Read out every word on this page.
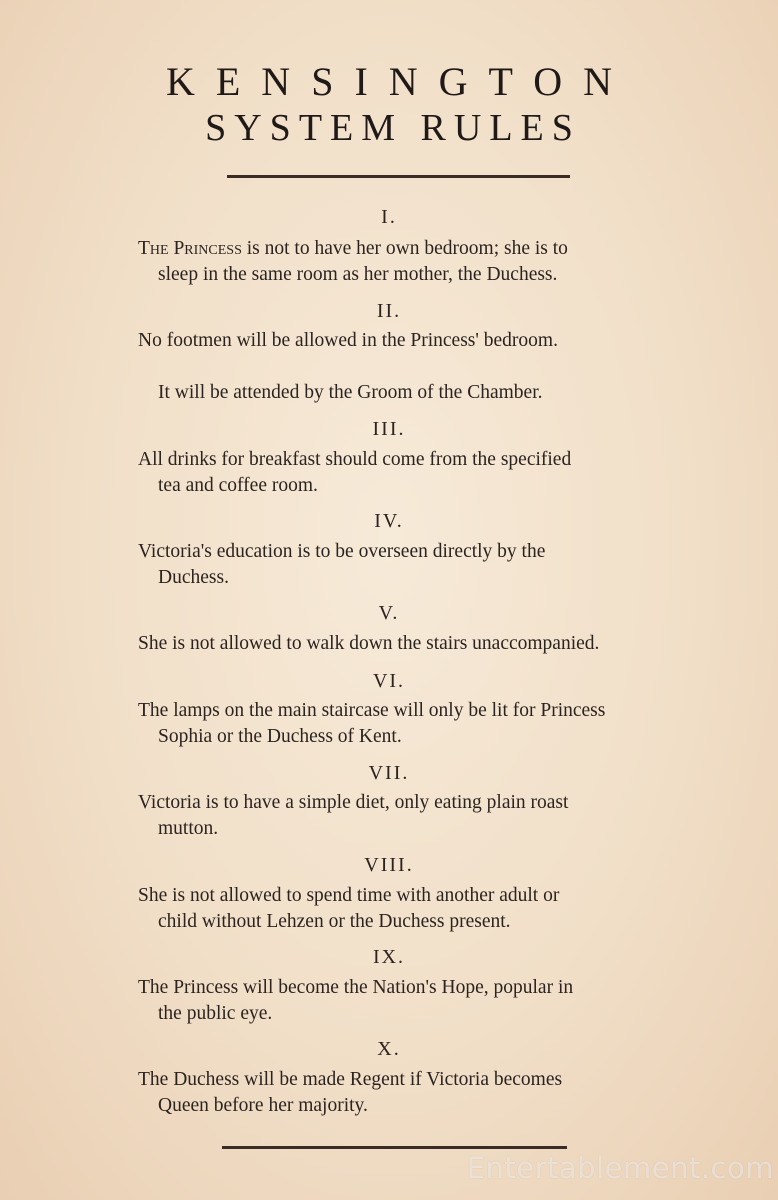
KENSINGTON
SYSTEM RULES
I.

The Princess is not to have her own bedroom; she is to
sleep in the same room as her mother, the Duchess.

II.

No footmen will be allowed in the Princess' bedroom.

It will be attended by the Groom of the Chamber.

III.

All drinks for breakfast should come from the specified
tea and coffee room.

IV.

Victoria's education is to be overseen directly by the
Duchess.

V.

She is not allowed to walk down the stairs unaccompanied.

VI.

The lamps on the main staircase will only be lit for Princess
Sophia or the Duchess of Kent.

VII.

Victoria is to have a simple diet, only eating plain roast
mutton.

VIII.

She is not allowed to spend time with another adult or
child without Lehzen or the Duchess present.

IX.

The Princess will become the Nation's Hope, popular in
the public eye.

X.

The Duchess will be made Regent if Victoria becomes
Queen before her majority.

Entertablement.com
